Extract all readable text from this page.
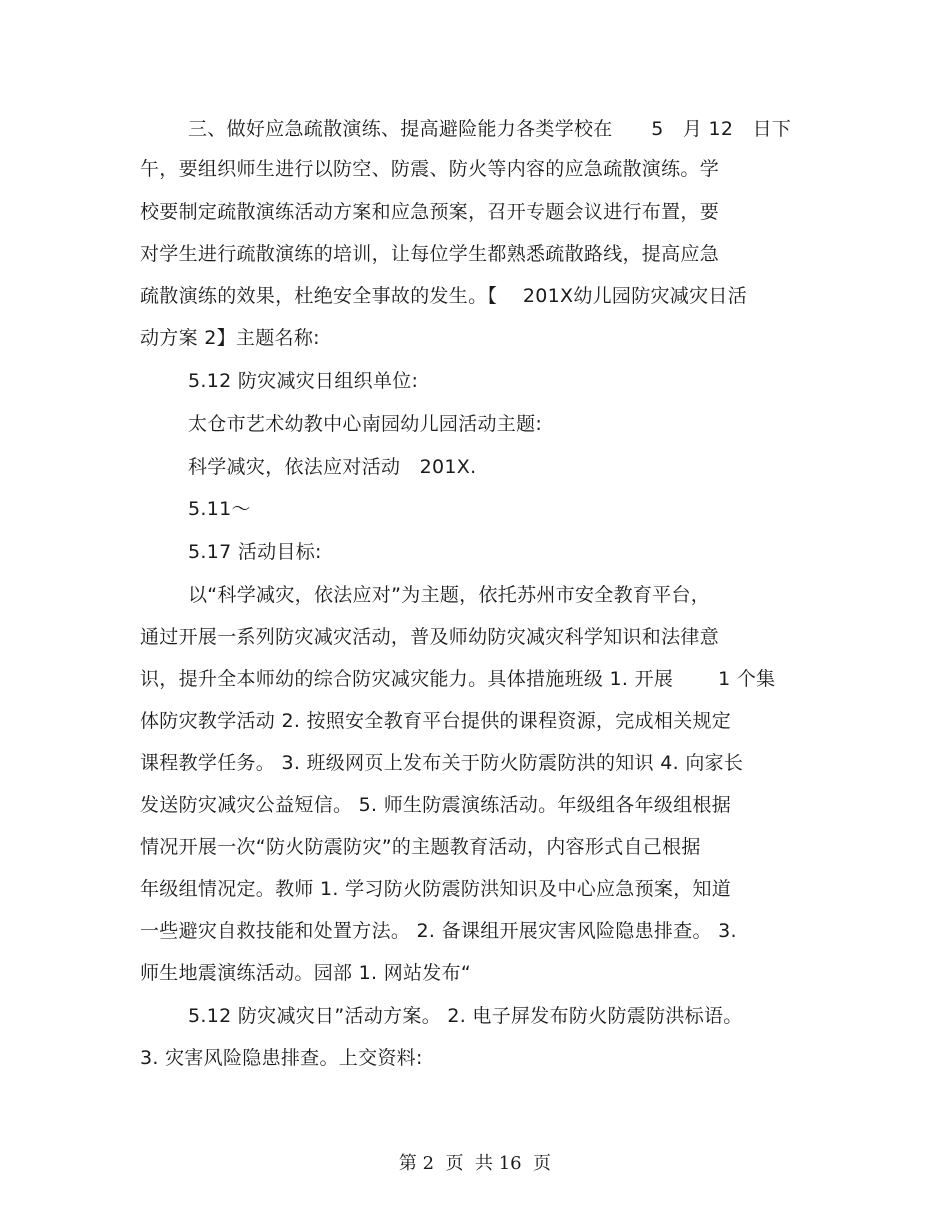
三、做好应急疏散演练、提高避险能力各类学校在　　5　月 12　日下
午，要组织师生进行以防空、防震、防火等内容的应急疏散演练。学
校要制定疏散演练活动方案和应急预案，召开专题会议进行布置，要
对学生进行疏散演练的培训，让每位学生都熟悉疏散路线，提高应急
疏散演练的效果，杜绝安全事故的发生。【　 201X幼儿园防灾减灾日活
动方案 2】主题名称:
5.12 防灾减灾日组织单位:
太仓市艺术幼教中心南园幼儿园活动主题:
科学减灾，依法应对活动　201X.
5.11～
5.17 活动目标:
以“科学减灾，依法应对”为主题，依托苏州市安全教育平台，
通过开展一系列防灾减灾活动，普及师幼防灾减灾科学知识和法律意
识，提升全本师幼的综合防灾减灾能力。具体措施班级 1. 开展　　 1 个集
体防灾教学活动 2. 按照安全教育平台提供的课程资源，完成相关规定
课程教学任务。 3. 班级网页上发布关于防火防震防洪的知识 4. 向家长
发送防灾减灾公益短信。 5. 师生防震演练活动。年级组各年级组根据
情况开展一次“防火防震防灾”的主题教育活动，内容形式自己根据
年级组情况定。教师 1. 学习防火防震防洪知识及中心应急预案，知道
一些避灾自救技能和处置方法。 2. 备课组开展灾害风险隐患排查。 3.
师生地震演练活动。园部 1. 网站发布“
5.12 防灾减灾日”活动方案。 2. 电子屏发布防火防震防洪标语。
3. 灾害风险隐患排查。上交资料:
第 2  页  共 16  页
